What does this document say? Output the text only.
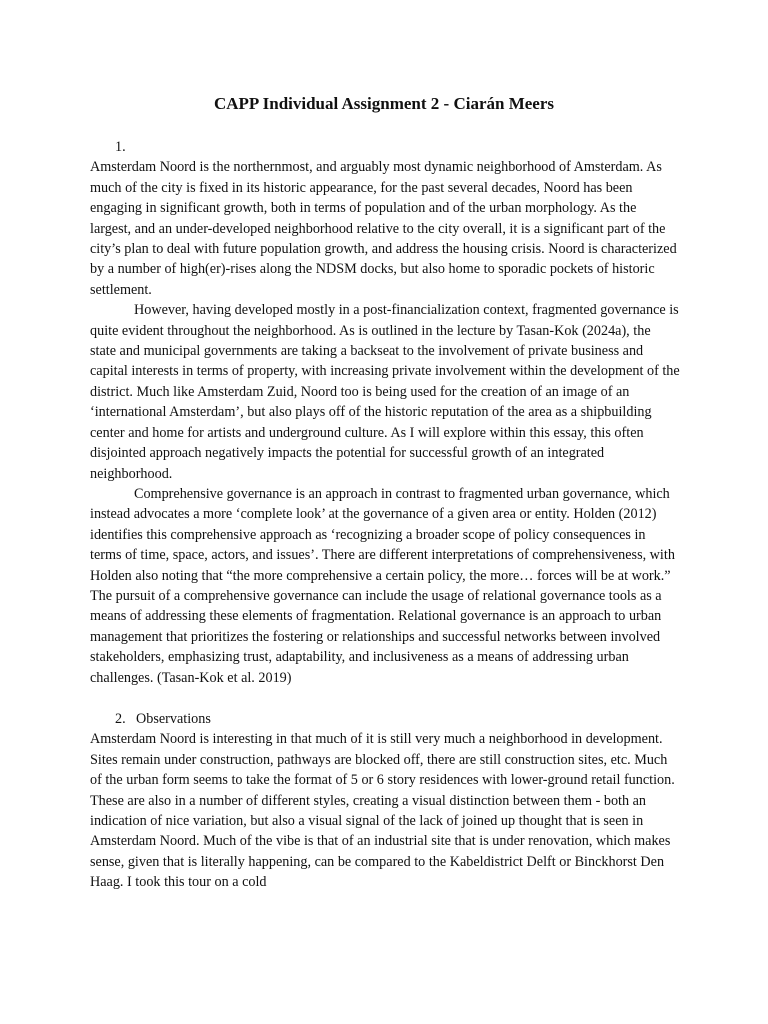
CAPP Individual Assignment 2 - Ciarán Meers
1.

Amsterdam Noord is the northernmost, and arguably most dynamic neighborhood of Amsterdam. As much of the city is fixed in its historic appearance, for the past several decades, Noord has been engaging in significant growth, both in terms of population and of the urban morphology. As the largest, and an under-developed neighborhood relative to the city overall, it is a significant part of the city’s plan to deal with future population growth, and address the housing crisis. Noord is characterized by a number of high(er)-rises along the NDSM docks, but also home to sporadic pockets of historic settlement.

However, having developed mostly in a post-financialization context, fragmented governance is quite evident throughout the neighborhood. As is outlined in the lecture by Tasan-Kok (2024a), the state and municipal governments are taking a backseat to the involvement of private business and capital interests in terms of property, with increasing private involvement within the development of the district. Much like Amsterdam Zuid, Noord too is being used for the creation of an image of an ‘international Amsterdam’, but also plays off of the historic reputation of the area as a shipbuilding center and home for artists and underground culture. As I will explore within this essay, this often disjointed approach negatively impacts the potential for successful growth of an integrated neighborhood.

Comprehensive governance is an approach in contrast to fragmented urban governance, which instead advocates a more ‘complete look’ at the governance of a given area or entity. Holden (2012) identifies this comprehensive approach as ‘recognizing a broader scope of policy consequences in terms of time, space, actors, and issues’. There are different interpretations of comprehensiveness, with Holden also noting that “the more comprehensive a certain policy, the more… forces will be at work.” The pursuit of a comprehensive governance can include the usage of relational governance tools as a means of addressing these elements of fragmentation. Relational governance is an approach to urban management that prioritizes the fostering or relationships and successful networks between involved stakeholders, emphasizing trust, adaptability, and inclusiveness as a means of addressing urban challenges. (Tasan-Kok et al. 2019)

2. Observations

Amsterdam Noord is interesting in that much of it is still very much a neighborhood in development. Sites remain under construction, pathways are blocked off, there are still construction sites, etc. Much of the urban form seems to take the format of 5 or 6 story residences with lower-ground retail function. These are also in a number of different styles, creating a visual distinction between them - both an indication of nice variation, but also a visual signal of the lack of joined up thought that is seen in Amsterdam Noord. Much of the vibe is that of an industrial site that is under renovation, which makes sense, given that is literally happening, can be compared to the Kabeldistrict Delft or Binckhorst Den Haag. I took this tour on a cold
